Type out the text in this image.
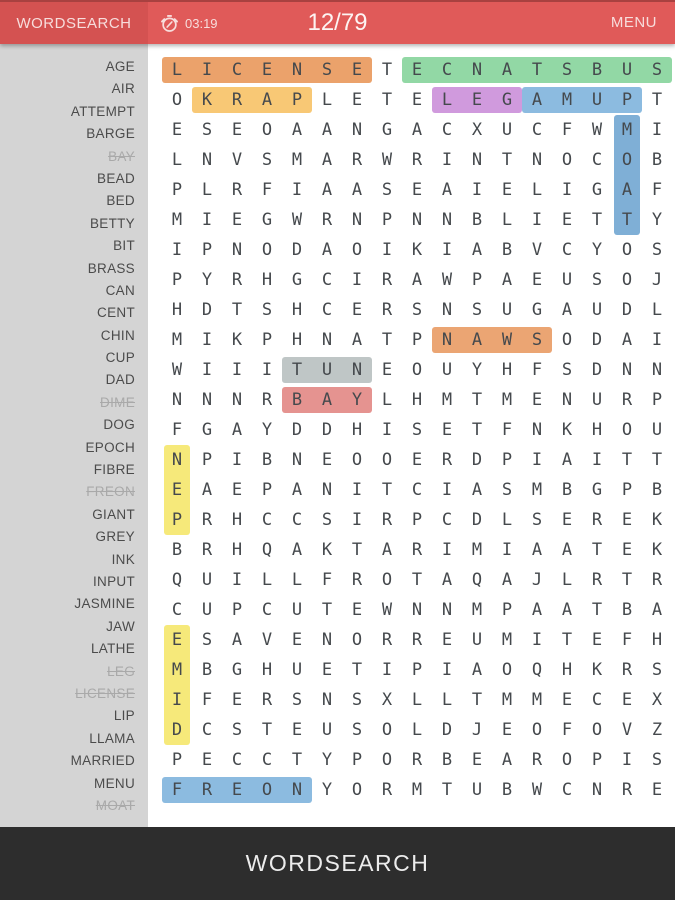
WORDSEARCH	03:19	12/79	MENU
AGE
AIR
ATTEMPT
BARGE
BAY
BEAD
BED
BETTY
BIT
BRASS
CAN
CENT
CHIN
CUP
DAD
DIME
DOG
EPOCH
FIBRE
FREON
GIANT
GREY
INK
INPUT
JASMINE
JAW
LATHE
LEG
LICENSE
LIP
LLAMA
MARRIED
MENU
MOAT
L	I	C	E	N	S	E	T	E	C	N	A	T	S	B	U	S
O	K	R	A	P	L	E	T	E	L	E	G	A	M	U	P	T
E	S	E	O	A	A	N	G	A	C	X	U	C	F	W	M	I
L	N	V	S	M	A	R	W	R	I	N	T	N	O	C	O	B
P	L	R	F	I	A	A	S	E	A	I	E	L	I	G	A	F
M	I	E	G	W	R	N	P	N	N	B	L	I	E	T	T	Y
I	P	N	O	D	A	O	I	K	I	A	B	V	C	Y	O	S
P	Y	R	H	G	C	I	R	A	W	P	A	E	U	S	O	J
H	D	T	S	H	C	E	R	S	N	S	U	G	A	U	D	L
M	I	K	P	H	N	A	T	P	N	A	W	S	O	D	A	I
W	I	I	I	T	U	N	E	O	U	Y	H	F	S	D	N	N
N	N	N	R	B	A	Y	L	H	M	T	M	E	N	U	R	P
F	G	A	Y	D	D	H	I	S	E	T	F	N	K	H	O	U
N	P	I	B	N	E	O	O	E	R	D	P	I	A	I	T	T
E	A	E	P	A	N	I	T	C	I	A	S	M	B	G	P	B
P	R	H	C	C	S	I	R	P	C	D	L	S	E	R	E	K
B	R	H	Q	A	K	T	A	R	I	M	I	A	A	T	E	K
Q	U	I	L	L	F	R	O	T	A	Q	A	J	L	R	T	R
C	U	P	C	U	T	E	W	N	N	M	P	A	A	T	B	A
E	S	A	V	E	N	O	R	R	E	U	M	I	T	E	F	H
M	B	G	H	U	E	T	I	P	I	A	O	Q	H	K	R	S
I	F	E	R	S	N	S	X	L	L	T	M	M	E	C	E	X
D	C	S	T	E	U	S	O	L	D	J	E	O	F	O	V	Z
P	E	C	C	T	Y	P	O	R	B	E	A	R	O	P	I	S
F	R	E	O	N	Y	O	R	M	T	U	B	W	C	N	R	E
WORDSEARCH
